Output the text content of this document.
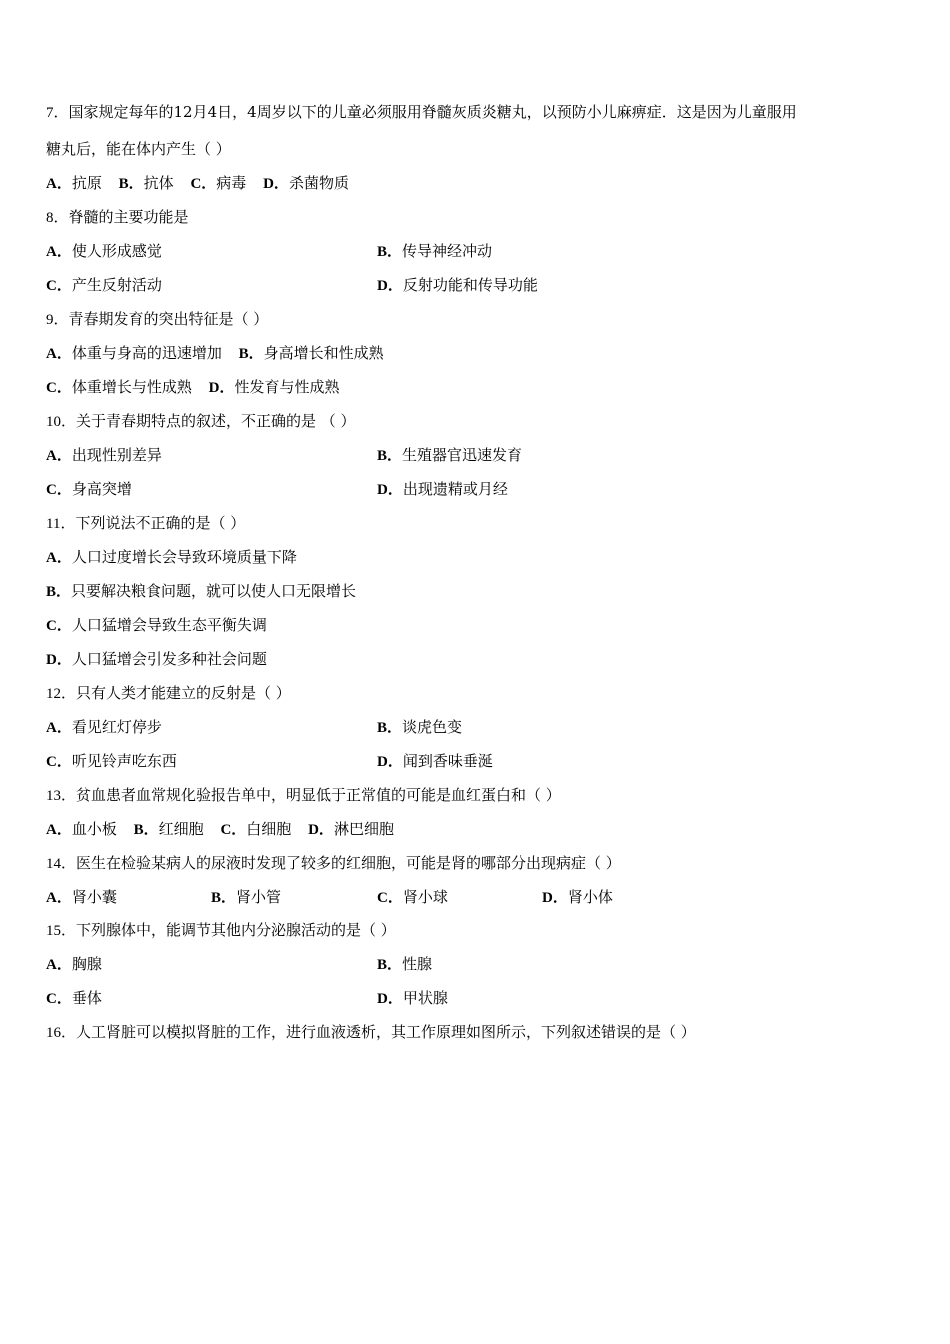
7．国家规定每年的12月4日，4周岁以下的儿童必须服用脊髓灰质炎糖丸，以预防小儿麻痹症．这是因为儿童服用
糖丸后，能在体内产生（ ）
A．抗原 B．抗体 C．病毒 D．杀菌物质
8．脊髓的主要功能是
A．使人形成感觉	B．传导神经冲动
C．产生反射活动	D．反射功能和传导功能
9．青春期发育的突出特征是（ ）
A．体重与身高的迅速增加 B．身高增长和性成熟
C．体重增长与性成熟 D．性发育与性成熟
10．关于青春期特点的叙述，不正确的是 （ ）
A．出现性别差异	B．生殖器官迅速发育
C．身高突增	D．出现遗精或月经
11．下列说法不正确的是（ ）
A．人口过度增长会导致环境质量下降
B．只要解决粮食问题，就可以使人口无限增长
C．人口猛增会导致生态平衡失调
D．人口猛增会引发多种社会问题
12．只有人类才能建立的反射是（ ）
A．看见红灯停步	B．谈虎色变
C．听见铃声吃东西	D．闻到香味垂涎
13．贫血患者血常规化验报告单中，明显低于正常值的可能是血红蛋白和（ ）
A．血小板 B．红细胞 C．白细胞 D．淋巴细胞
14．医生在检验某病人的尿液时发现了较多的红细胞，可能是肾的哪部分出现病症（ ）
A．肾小囊	B．肾小管	C．肾小球	D．肾小体
15．下列腺体中，能调节其他内分泌腺活动的是（ ）
A．胸腺	B．性腺
C．垂体	D．甲状腺
16．人工肾脏可以模拟肾脏的工作，进行血液透析，其工作原理如图所示，下列叙述错误的是（ ）
